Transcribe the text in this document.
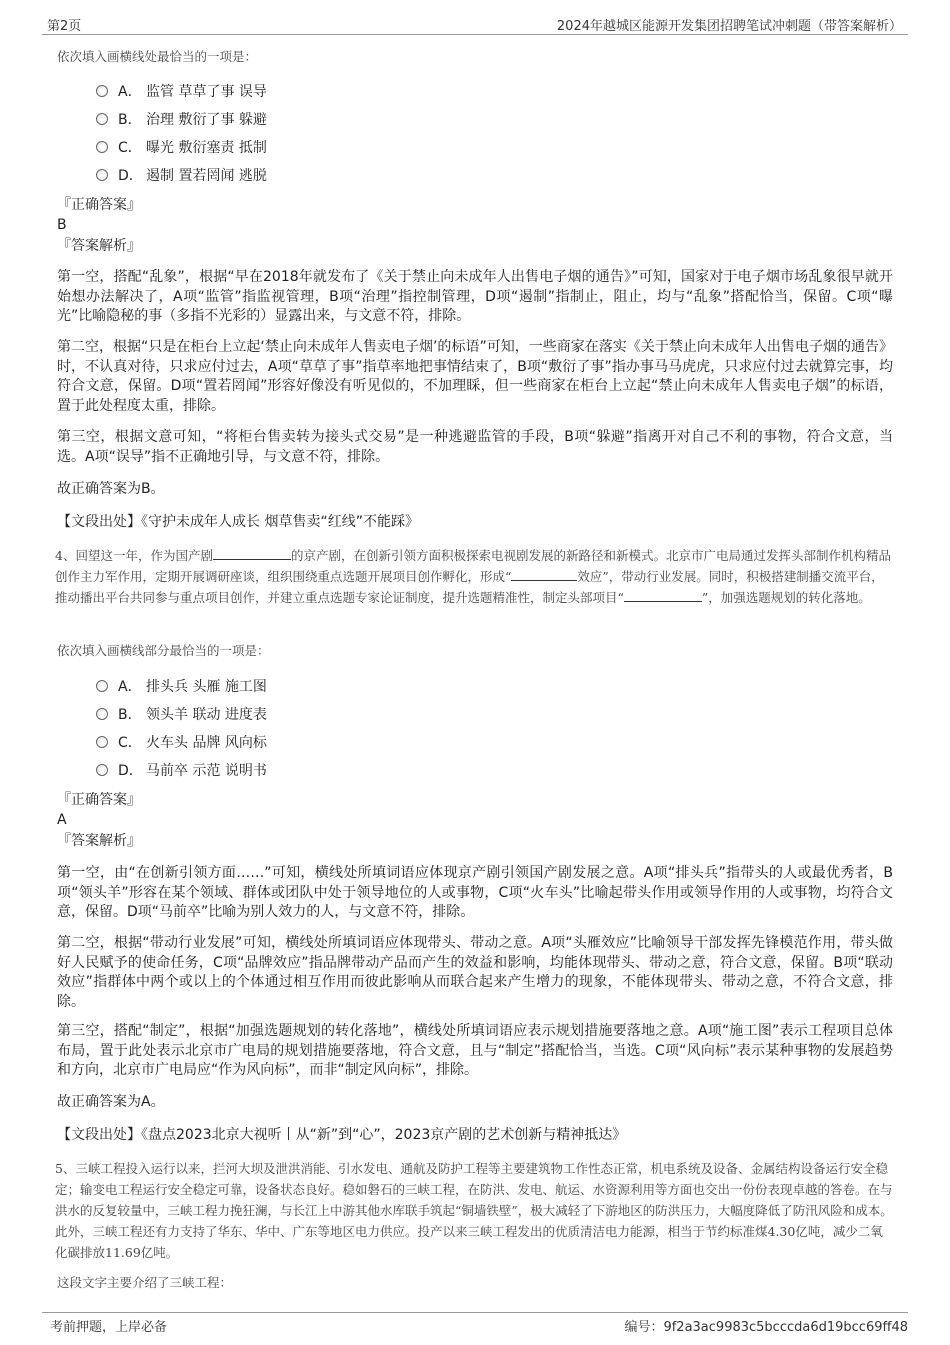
第2页	2024年越城区能源开发集团招聘笔试冲刺题（带答案解析）

依次填入画横线处最恰当的一项是：

A． 监管 草草了事 误导
B． 治理 敷衍了事 躲避
C． 曝光 敷衍塞责 抵制
D． 遏制 置若罔闻 逃脱

『正确答案』

B

『答案解析』

第一空，搭配“乱象”，根据“早在2018年就发布了《关于禁止向未成年人出售电子烟的通告》”可知，国家对于电子烟市场乱象很早就开始想办法解决了，A项“监管”指监视管理，B项“治理”指控制管理，D项“遏制”指制止，阻止，均与“乱象”搭配恰当，保留。C项“曝光”比喻隐秘的事（多指不光彩的）显露出来，与文意不符，排除。

第二空，根据“只是在柜台上立起‘禁止向未成年人售卖电子烟’的标语”可知，一些商家在落实《关于禁止向未成年人出售电子烟的通告》时，不认真对待，只求应付过去，A项“草草了事”指草率地把事情结束了，B项“敷衍了事”指办事马马虎虎，只求应付过去就算完事，均符合文意，保留。D项“置若罔闻”形容好像没有听见似的，不加理睬，但一些商家在柜台上立起“禁止向未成年人售卖电子烟”的标语，置于此处程度太重，排除。

第三空，根据文意可知，“将柜台售卖转为接头式交易”是一种逃避监管的手段，B项“躲避”指离开对自己不利的事物，符合文意，当选。A项“误导”指不正确地引导，与文意不符，排除。

故正确答案为B。

【文段出处】《守护未成年人成长 烟草售卖“红线”不能踩》

4、回望这一年，作为国产剧	的京产剧，在创新引领方面积极探索电视剧发展的新路径和新模式。北京市广电局通过发挥头部制作机构精品创作主力军作用，定期开展调研座谈，组织围绕重点选题开展项目创作孵化，形成“	效应”，带动行业发展。同时，积极搭建制播交流平台，推动播出平台共同参与重点项目创作，并建立重点选题专家论证制度，提升选题精准性，制定头部项目“	”，加强选题规划的转化落地。

依次填入画横线部分最恰当的一项是：

A． 排头兵 头雁 施工图
B． 领头羊 联动 进度表
C． 火车头 品牌 风向标
D． 马前卒 示范 说明书

『正确答案』

A

『答案解析』

第一空，由“在创新引领方面……”可知，横线处所填词语应体现京产剧引领国产剧发展之意。A项“排头兵”指带头的人或最优秀者，B项“领头羊”形容在某个领域、群体或团队中处于领导地位的人或事物，C项“火车头”比喻起带头作用或领导作用的人或事物，均符合文意，保留。D项“马前卒”比喻为别人效力的人，与文意不符，排除。

第二空，根据“带动行业发展”可知，横线处所填词语应体现带头、带动之意。A项“头雁效应”比喻领导干部发挥先锋模范作用，带头做好人民赋予的使命任务，C项“品牌效应”指品牌带动产品而产生的效益和影响，均能体现带头、带动之意，符合文意，保留。B项“联动效应”指群体中两个或以上的个体通过相互作用而彼此影响从而联合起来产生增力的现象，不能体现带头、带动之意，不符合文意，排除。

第三空，搭配“制定”，根据“加强选题规划的转化落地”，横线处所填词语应表示规划措施要落地之意。A项“施工图”表示工程项目总体布局，置于此处表示北京市广电局的规划措施要落地，符合文意，且与“制定”搭配恰当，当选。C项“风向标”表示某种事物的发展趋势和方向，北京市广电局应“作为风向标”，而非“制定风向标”，排除。

故正确答案为A。

【文段出处】《盘点2023北京大视听丨从“新”到“心”，2023京产剧的艺术创新与精神抵达》

5、三峡工程投入运行以来，拦河大坝及泄洪消能、引水发电、通航及防护工程等主要建筑物工作性态正常，机电系统及设备、金属结构设备运行安全稳定；输变电工程运行安全稳定可靠，设备状态良好。稳如磐石的三峡工程，在防洪、发电、航运、水资源利用等方面也交出一份份表现卓越的答卷。在与洪水的反复较量中，三峡工程力挽狂澜，与长江上中游其他水库联手筑起“铜墙铁壁”，极大减轻了下游地区的防洪压力，大幅度降低了防汛风险和成本。此外，三峡工程还有力支持了华东、华中、广东等地区电力供应。投产以来三峡工程发出的优质清洁电力能源，相当于节约标准煤4.30亿吨，减少二氧化碳排放11.69亿吨。

这段文字主要介绍了三峡工程：

考前押题，上岸必备	编号：9f2a3ac9983c5bcccda6d19bcc69ff48
